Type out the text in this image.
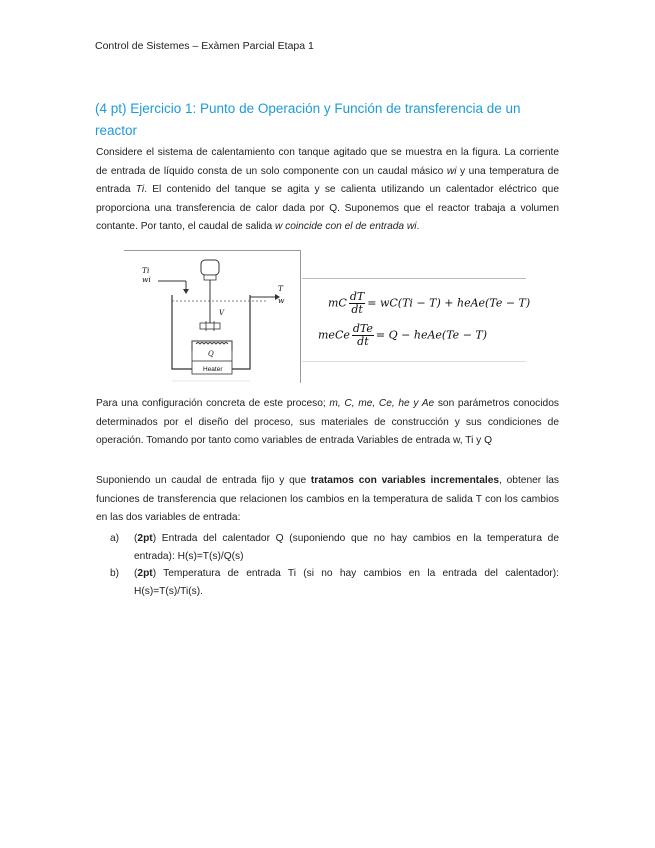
Control de Sistemes – Exàmen Parcial Etapa 1
(4 pt) Ejercicio 1: Punto de Operación y Función de transferencia de un reactor
Considere el sistema de calentamiento con tanque agitado que se muestra en la figura. La corriente de entrada de líquido consta de un solo componente con un caudal másico wi y una temperatura de entrada Ti. El contenido del tanque se agita y se calienta utilizando un calentador eléctrico que proporciona una transferencia de calor dada por Q. Suponemos que el reactor trabaja a volumen contante. Por tanto, el caudal de salida w coincide con el de entrada wi.
Ti
wi
T
w
V
Q
Heater
mC $\frac{dT}{dt} = wC(Ti - T)$ + heAe(Te − T)
meCe $\frac{\text{dTe}}{dt} = Q$ − heAe(Te − T)
Para una configuración concreta de este proceso; m, C, me, Ce, he y Ae son parámetros conocidos determinados por el diseño del proceso, sus materiales de construcción y sus condiciones de operación. Tomando por tanto como variables de entrada Variables de entrada w, Ti y Q
Suponiendo un caudal de entrada fijo y que tratamos con variables incrementales, obtener las funciones de transferencia que relacionen los cambios en la temperatura de salida T con los cambios en las dos variables de entrada:
a) (2pt) Entrada del calentador Q (suponiendo que no hay cambios en la temperatura de entrada): H(s)=T(s)/Q(s)
b) (2pt) Temperatura de entrada Ti (si no hay cambios en la entrada del calentador): H(s)=T(s)/Ti(s).
